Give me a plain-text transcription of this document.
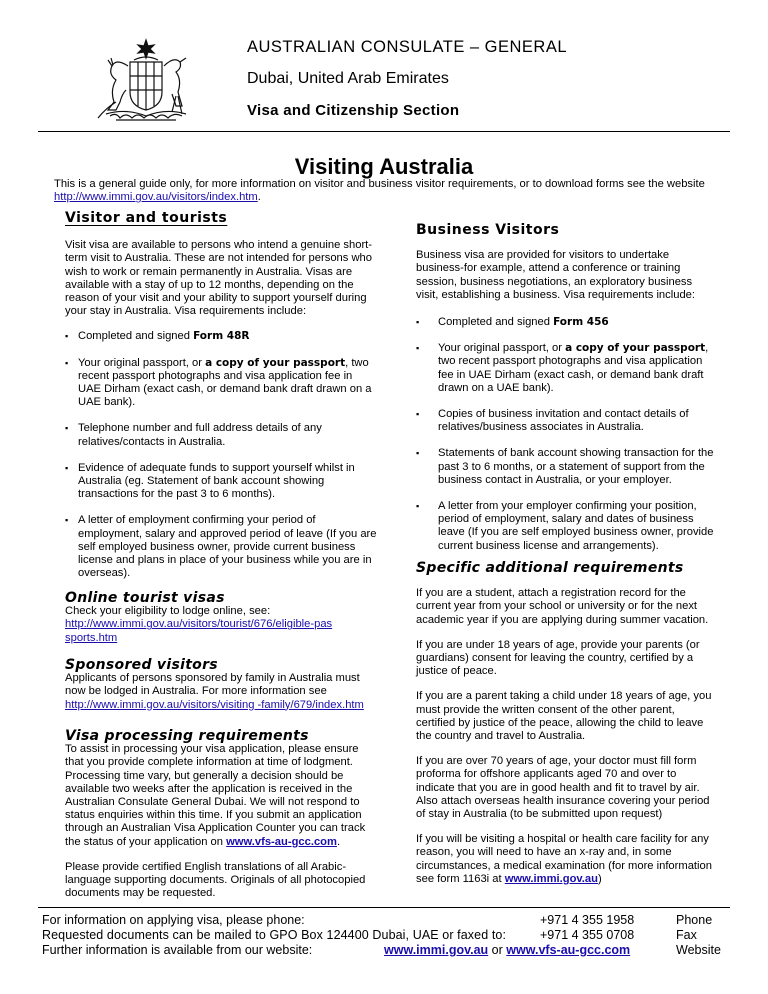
AUSTRALIAN CONSULATE – GENERAL
Dubai, United Arab Emirates
Visa and Citizenship Section
Visiting Australia
This is a general guide only, for more information on visitor and business visitor requirements, or to download forms see the website http://www.immi.gov.au/visitors/index.htm.
Visitor and tourists

Visit visa are available to persons who intend a genuine short-term visit to Australia. These are not intended for persons who wish to work or remain permanently in Australia. Visas are available with a stay of up to 12 months, depending on the reason of your visit and your ability to support yourself during your stay in Australia. Visa requirements include:

▪ Completed and signed Form 48R
▪ Your original passport, or a copy of your passport, two recent passport photographs and visa application fee in UAE Dirham (exact cash, or demand bank draft drawn on a UAE bank).
▪ Telephone number and full address details of any relatives/contacts in Australia.
▪ Evidence of adequate funds to support yourself whilst in Australia (eg. Statement of bank account showing transactions for the past 3 to 6 months).
▪ A letter of employment confirming your period of employment, salary and approved period of leave (If you are self employed business owner, provide current business license and plans in place of your business while you are in overseas).
Online tourist visas

Check your eligibility to lodge online, see:

http://www.immi.gov.au/visitors/tourist/676/eligible-passports.htm
Sponsored visitors

Applicants of persons sponsored by family in Australia must now be lodged in Australia. For more information see

http://www.immi.gov.au/visitors/visiting -family/679/index.htm
Visa processing requirements

To assist in processing your visa application, please ensure that you provide complete information at time of lodgment. Processing time vary, but generally a decision should be available two weeks after the application is received in the Australian Consulate General Dubai. We will not respond to status enquiries within this time. If you submit an application through an Australian Visa Application Counter you can track the status of your application on www.vfs-au-gcc.com.

Please provide certified English translations of all Arabic-language supporting documents. Originals of all photocopied documents may be requested.

Business Visitors

Business visa are provided for visitors to undertake business-for example, attend a conference or training session, business negotiations, an exploratory business visit, establishing a business. Visa requirements include:

▪ Completed and signed Form 456
▪ Your original passport, or a copy of your passport, two recent passport photographs and visa application fee in UAE Dirham (exact cash, or demand bank draft drawn on a UAE bank).
▪ Copies of business invitation and contact details of relatives/business associates in Australia.
▪ Statements of bank account showing transaction for the past 3 to 6 months, or a statement of support from the business contact in Australia, or your employer.
▪ A letter from your employer confirming your position, period of employment, salary and dates of business leave (If you are self employed business owner, provide current business license and arrangements).
Specific additional requirements

If you are a student, attach a registration record for the current year from your school or university or for the next academic year if you are applying during summer vacation.

If you are under 18 years of age, provide your parents (or guardians) consent for leaving the country, certified by a justice of peace.

If you are a parent taking a child under 18 years of age, you must provide the written consent of the other parent, certified by justice of the peace, allowing the child to leave the country and travel to Australia.

If you are over 70 years of age, your doctor must fill form proforma for offshore applicants aged 70 and over to indicate that you are in good health and fit to travel by air. Also attach overseas health insurance covering your period of stay in Australia (to be submitted upon request)

If you will be visiting a hospital or health care facility for any reason, you will need to have an x-ray and, in some circumstances, a medical examination (for more information see form 1163i at www.immi.gov.au)

For information on applying visa, please phone:	+971 4 355 1958	Phone
Requested documents can be mailed to GPO Box 124400 Dubai, UAE or faxed to:	+971 4 355 0708	Fax
Further information is available from our website:	www.immi.gov.au or www.vfs-au-gcc.com	Website
